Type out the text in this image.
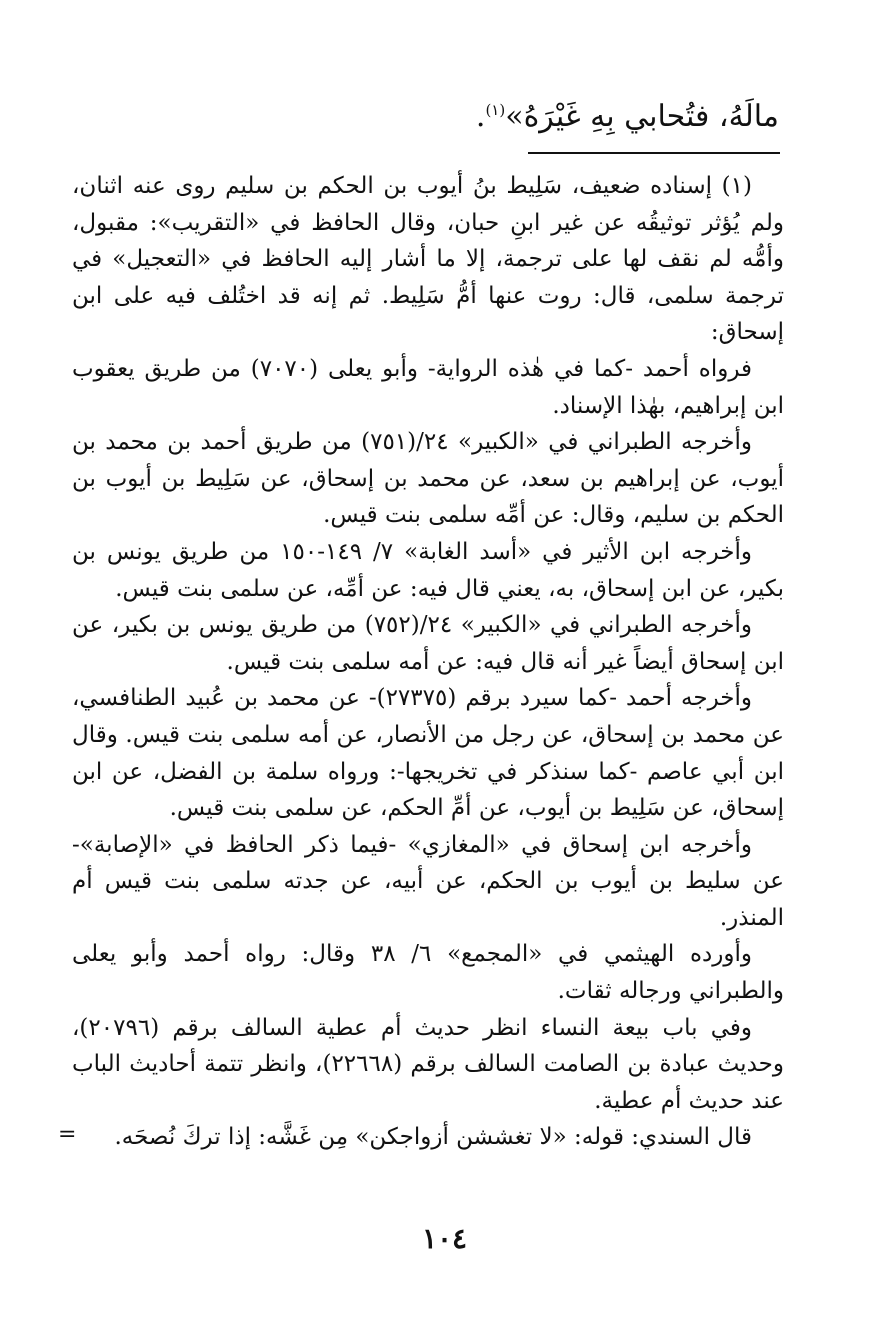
مالَهُ، فتُحابي بِهِ غَيْرَهُ»$^{(١)}$.

(١) إسناده ضعيف، سَلِيط بنُ أيوب بن الحكم بن سليم روى عنه اثنان، ولم يُؤثر توثيقُه عن غير ابنِ حبان، وقال الحافظ في «التقريب»: مقبول، وأمُّه لم نقف لها على ترجمة، إلا ما أشار إليه الحافظ في «التعجيل» في ترجمة سلمى، قال: روت عنها أمُّ سَلِيط. ثم إنه قد اختُلف فيه على ابن إسحاق:

فرواه أحمد -كما في هٰذه الرواية- وأبو يعلى (٧٠٧٠) من طريق يعقوب ابن إبراهيم، بهٰذا الإسناد.

وأخرجه الطبراني في «الكبير» ٢٤/(٧٥١) من طريق أحمد بن محمد بن أيوب، عن إبراهيم بن سعد، عن محمد بن إسحاق، عن سَلِيط بن أيوب بن الحكم بن سليم، وقال: عن أمِّه سلمى بنت قيس.

وأخرجه ابن الأثير في «أسد الغابة» ٧/ ١٤٩-١٥٠ من طريق يونس بن بكير، عن ابن إسحاق، به، يعني قال فيه: عن أمِّه، عن سلمى بنت قيس.

وأخرجه الطبراني في «الكبير» ٢٤/(٧٥٢) من طريق يونس بن بكير، عن ابن إسحاق أيضاً غير أنه قال فيه: عن أمه سلمى بنت قيس.

وأخرجه أحمد -كما سيرد برقم (٢٧٣٧٥)- عن محمد بن عُبيد الطنافسي، عن محمد بن إسحاق، عن رجل من الأنصار، عن أمه سلمى بنت قيس. وقال ابن أبي عاصم -كما سنذكر في تخريجها-: ورواه سلمة بن الفضل، عن ابن إسحاق، عن سَلِيط بن أيوب، عن أمِّ الحكم، عن سلمى بنت قيس.

وأخرجه ابن إسحاق في «المغازي» -فيما ذكر الحافظ في «الإصابة»- عن سليط بن أيوب بن الحكم، عن أبيه، عن جدته سلمى بنت قيس أم المنذر.

وأورده الهيثمي في «المجمع» ٦/ ٣٨ وقال: رواه أحمد وأبو يعلى والطبراني ورجاله ثقات.

وفي باب بيعة النساء انظر حديث أم عطية السالف برقم (٢٠٧٩٦)، وحديث عبادة بن الصامت السالف برقم (٢٢٦٦٨)، وانظر تتمة أحاديث الباب عند حديث أم عطية.

قال السندي: قوله: «لا تغششن أزواجكن» مِن غَشَّه: إذا تركَ نُصحَه.

=
١٠٤
